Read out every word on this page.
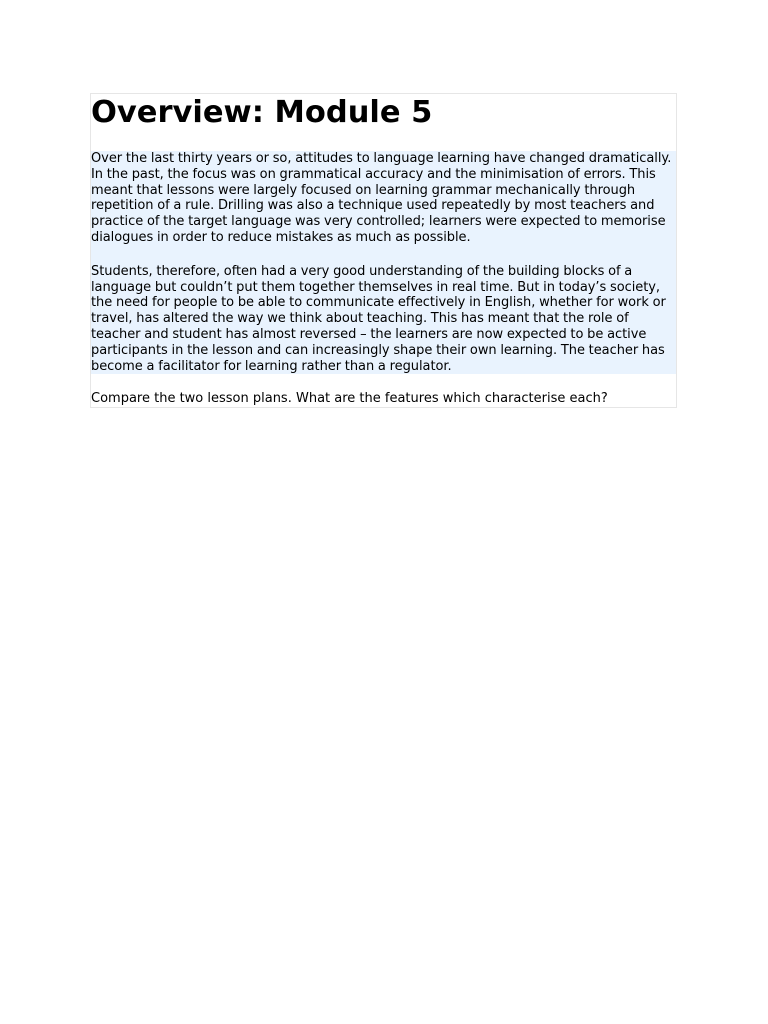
Overview: Module 5

Over the last thirty years or so, attitudes to language learning have changed dramatically. In the past, the focus was on grammatical accuracy and the minimisation of errors. This meant that lessons were largely focused on learning grammar mechanically through repetition of a rule. Drilling was also a technique used repeatedly by most teachers and practice of the target language was very controlled; learners were expected to memorise dialogues in order to reduce mistakes as much as possible.

Students, therefore, often had a very good understanding of the building blocks of a language but couldn’t put them together themselves in real time. But in today’s society, the need for people to be able to communicate effectively in English, whether for work or travel, has altered the way we think about teaching. This has meant that the role of teacher and student has almost reversed – the learners are now expected to be active participants in the lesson and can increasingly shape their own learning. The teacher has become a facilitator for learning rather than a regulator.

Compare the two lesson plans. What are the features which characterise each?
